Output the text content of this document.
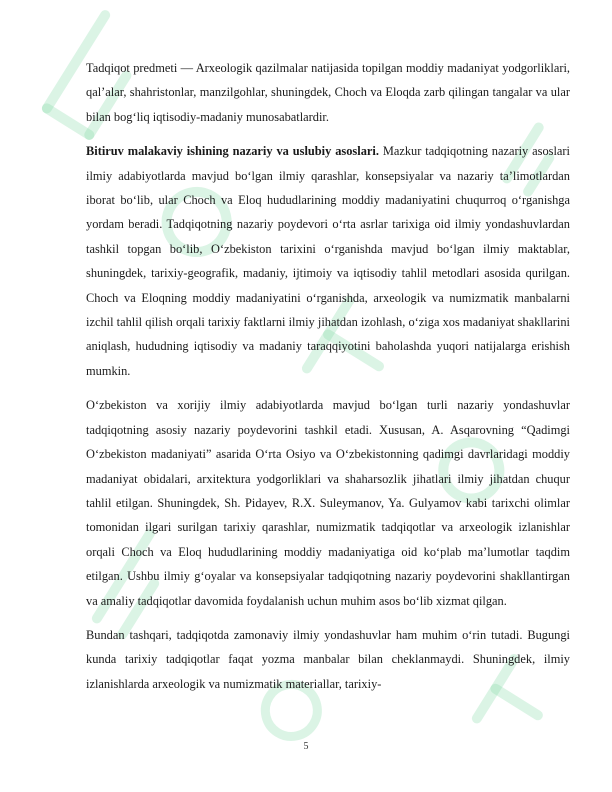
Tadqiqot predmeti — Arxeologik qazilmalar natijasida topilgan moddiy madaniyat yodgorliklari, qal’alar, shahristonlar, manzilgohlar, shuningdek, Choch va Eloqda zarb qilingan tangalar va ular bilan bog‘liq iqtisodiy-madaniy munosabatlardir.

Bitiruv malakaviy ishining nazariy va uslubiy asoslari. Mazkur tadqiqotning nazariy asoslari ilmiy adabiyotlarda mavjud bo‘lgan ilmiy qarashlar, konsepsiyalar va nazariy ta’limotlardan iborat bo‘lib, ular Choch va Eloq hududlarining moddiy madaniyatini chuqurroq o‘rganishga yordam beradi. Tadqiqotning nazariy poydevori o‘rta asrlar tarixiga oid ilmiy yondashuvlardan tashkil topgan bo‘lib, O‘zbekiston tarixini o‘rganishda mavjud bo‘lgan ilmiy maktablar, shuningdek, tarixiy-geografik, madaniy, ijtimoiy va iqtisodiy tahlil metodlari asosida qurilgan. Choch va Eloqning moddiy madaniyatini o‘rganishda, arxeologik va numizmatik manbalarni izchil tahlil qilish orqali tarixiy faktlarni ilmiy jihatdan izohlash, o‘ziga xos madaniyat shakllarini aniqlash, hududning iqtisodiy va madaniy taraqqiyotini baholashda yuqori natijalarga erishish mumkin.

O‘zbekiston va xorijiy ilmiy adabiyotlarda mavjud bo‘lgan turli nazariy yondashuvlar tadqiqotning asosiy nazariy poydevorini tashkil etadi. Xususan, A. Asqarovning “Qadimgi O‘zbekiston madaniyati” asarida O‘rta Osiyo va O‘zbekistonning qadimgi davrlaridagi moddiy madaniyat obidalari, arxitektura yodgorliklari va shaharsozlik jihatlari ilmiy jihatdan chuqur tahlil etilgan. Shuningdek, Sh. Pidayev, R.X. Suleymanov, Ya. Gulyamov kabi tarixchi olimlar tomonidan ilgari surilgan tarixiy qarashlar, numizmatik tadqiqotlar va arxeologik izlanishlar orqali Choch va Eloq hududlarining moddiy madaniyatiga oid ko‘plab ma’lumotlar taqdim etilgan. Ushbu ilmiy g‘oyalar va konsepsiyalar tadqiqotning nazariy poydevorini shakllantirgan va amaliy tadqiqotlar davomida foydalanish uchun muhim asos bo‘lib xizmat qilgan.

Bundan tashqari, tadqiqotda zamonaviy ilmiy yondashuvlar ham muhim o‘rin tutadi. Bugungi kunda tarixiy tadqiqotlar faqat yozma manbalar bilan cheklanmaydi. Shuningdek, ilmiy izlanishlarda arxeologik va numizmatik materiallar, tarixiy-

5
